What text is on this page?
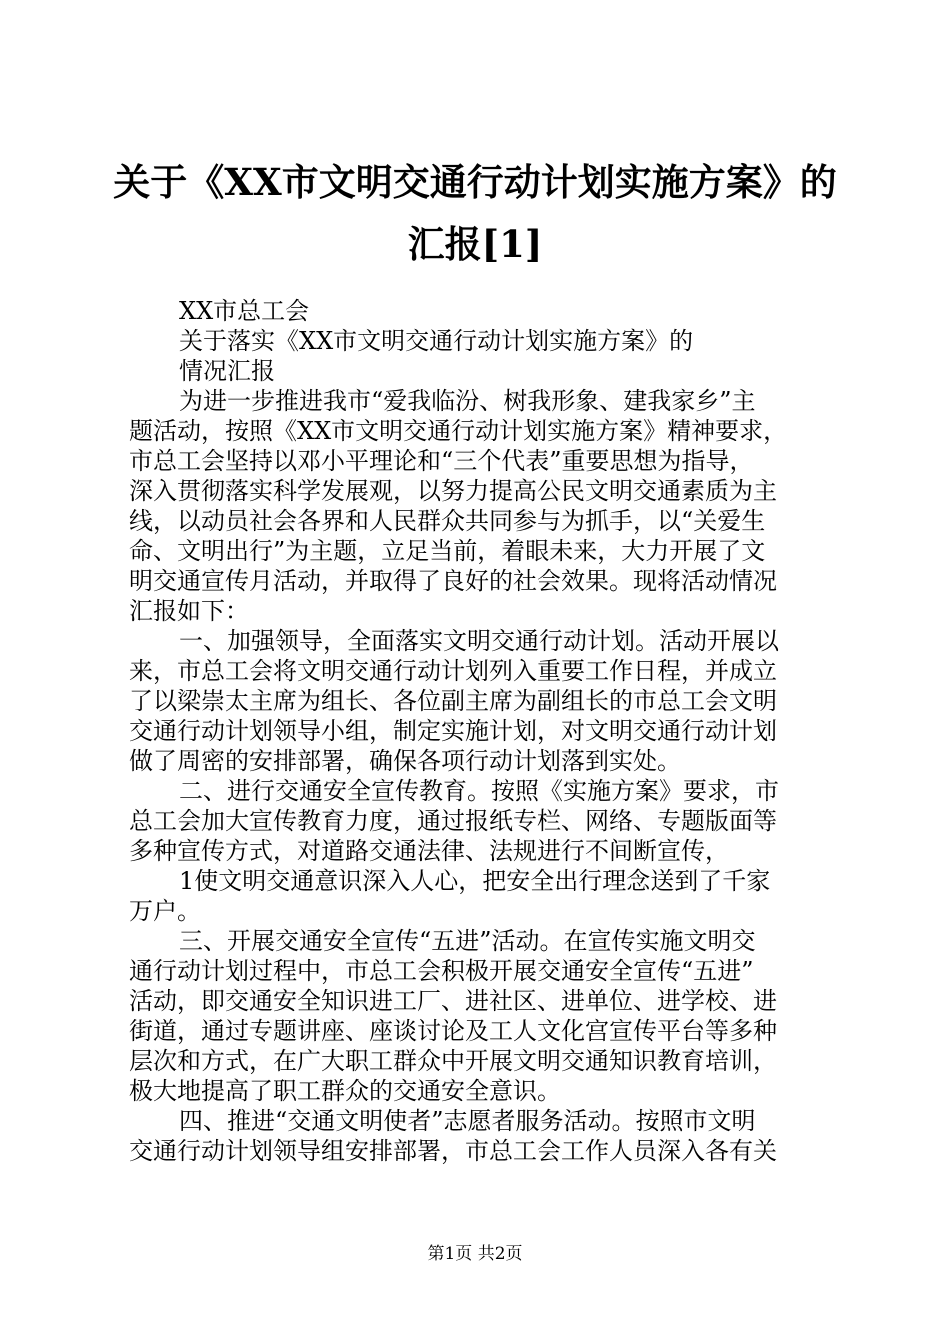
关于《XX市文明交通行动计划实施方案》的
汇报[1]
XX市总工会
关于落实《XX市文明交通行动计划实施方案》的
情况汇报
为进一步推进我市“爱我临汾、树我形象、建我家乡”主
题活动，按照《XX市文明交通行动计划实施方案》精神要求，
市总工会坚持以邓小平理论和“三个代表”重要思想为指导，
深入贯彻落实科学发展观，以努力提高公民文明交通素质为主
线，以动员社会各界和人民群众共同参与为抓手，以“关爱生
命、文明出行”为主题，立足当前，着眼未来，大力开展了文
明交通宣传月活动，并取得了良好的社会效果。现将活动情况
汇报如下：
一、加强领导，全面落实文明交通行动计划。活动开展以
来，市总工会将文明交通行动计划列入重要工作日程，并成立
了以梁崇太主席为组长、各位副主席为副组长的市总工会文明
交通行动计划领导小组，制定实施计划，对文明交通行动计划
做了周密的安排部署，确保各项行动计划落到实处。
二、进行交通安全宣传教育。按照《实施方案》要求，市
总工会加大宣传教育力度，通过报纸专栏、网络、专题版面等
多种宣传方式，对道路交通法律、法规进行不间断宣传，
1使文明交通意识深入人心，把安全出行理念送到了千家
万户。
三、开展交通安全宣传“五进”活动。在宣传实施文明交
通行动计划过程中，市总工会积极开展交通安全宣传“五进”
活动，即交通安全知识进工厂、进社区、进单位、进学校、进
街道，通过专题讲座、座谈讨论及工人文化宫宣传平台等多种
层次和方式，在广大职工群众中开展文明交通知识教育培训，
极大地提高了职工群众的交通安全意识。
四、推进“交通文明使者”志愿者服务活动。按照市文明
交通行动计划领导组安排部署，市总工会工作人员深入各有关
第1页 共2页
